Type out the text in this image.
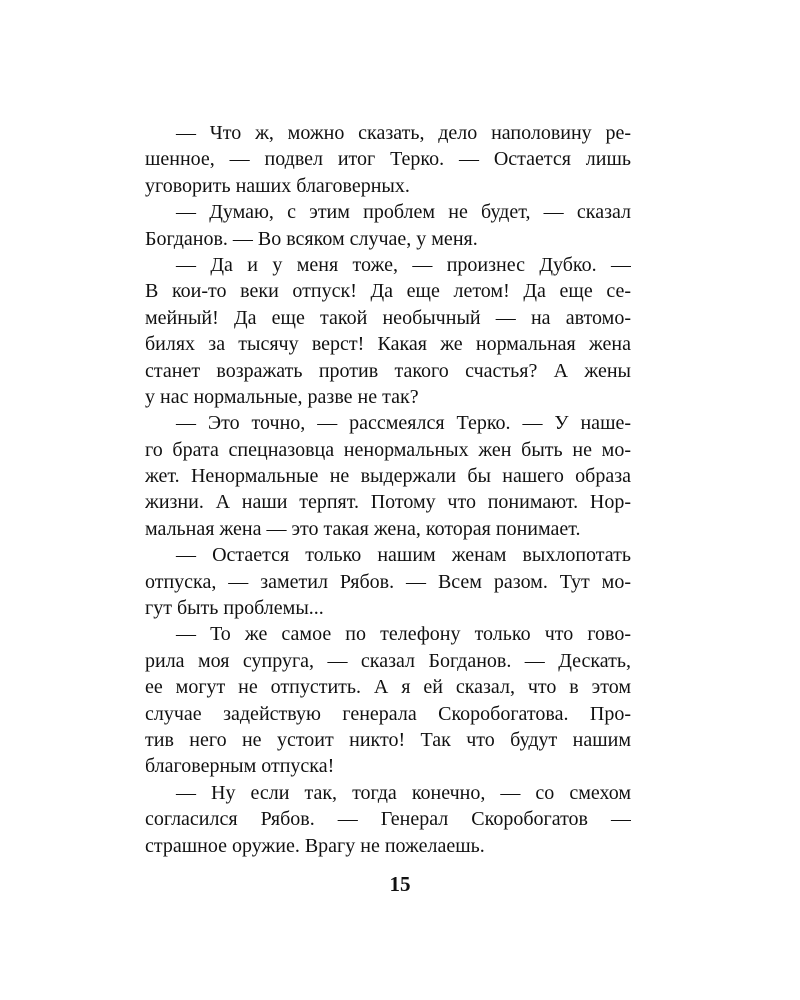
— Что ж, можно сказать, дело наполовину ре-
шенное, — подвел итог Терко. — Остается лишь
уговорить наших благоверных.
— Думаю, с этим проблем не будет, — сказал
Богданов. — Во всяком случае, у меня.
— Да и у меня тоже, — произнес Дубко. —
В кои-то веки отпуск! Да еще летом! Да еще се-
мейный! Да еще такой необычный — на автомо-
билях за тысячу верст! Какая же нормальная жена
станет возражать против такого счастья? А жены
у нас нормальные, разве не так?
— Это точно, — рассмеялся Терко. — У наше-
го брата спецназовца ненормальных жен быть не мо-
жет. Ненормальные не выдержали бы нашего образа
жизни. А наши терпят. Потому что понимают. Нор-
мальная жена — это такая жена, которая понимает.
— Остается только нашим женам выхлопотать
отпуска, — заметил Рябов. — Всем разом. Тут мо-
гут быть проблемы...
— То же самое по телефону только что гово-
рила моя супруга, — сказал Богданов. — Дескать,
ее могут не отпустить. А я ей сказал, что в этом
случае задействую генерала Скоробогатова. Про-
тив него не устоит никто! Так что будут нашим
благоверным отпуска!
— Ну если так, тогда конечно, — со смехом
согласился Рябов. — Генерал Скоробогатов —
страшное оружие. Врагу не пожелаешь.
15
